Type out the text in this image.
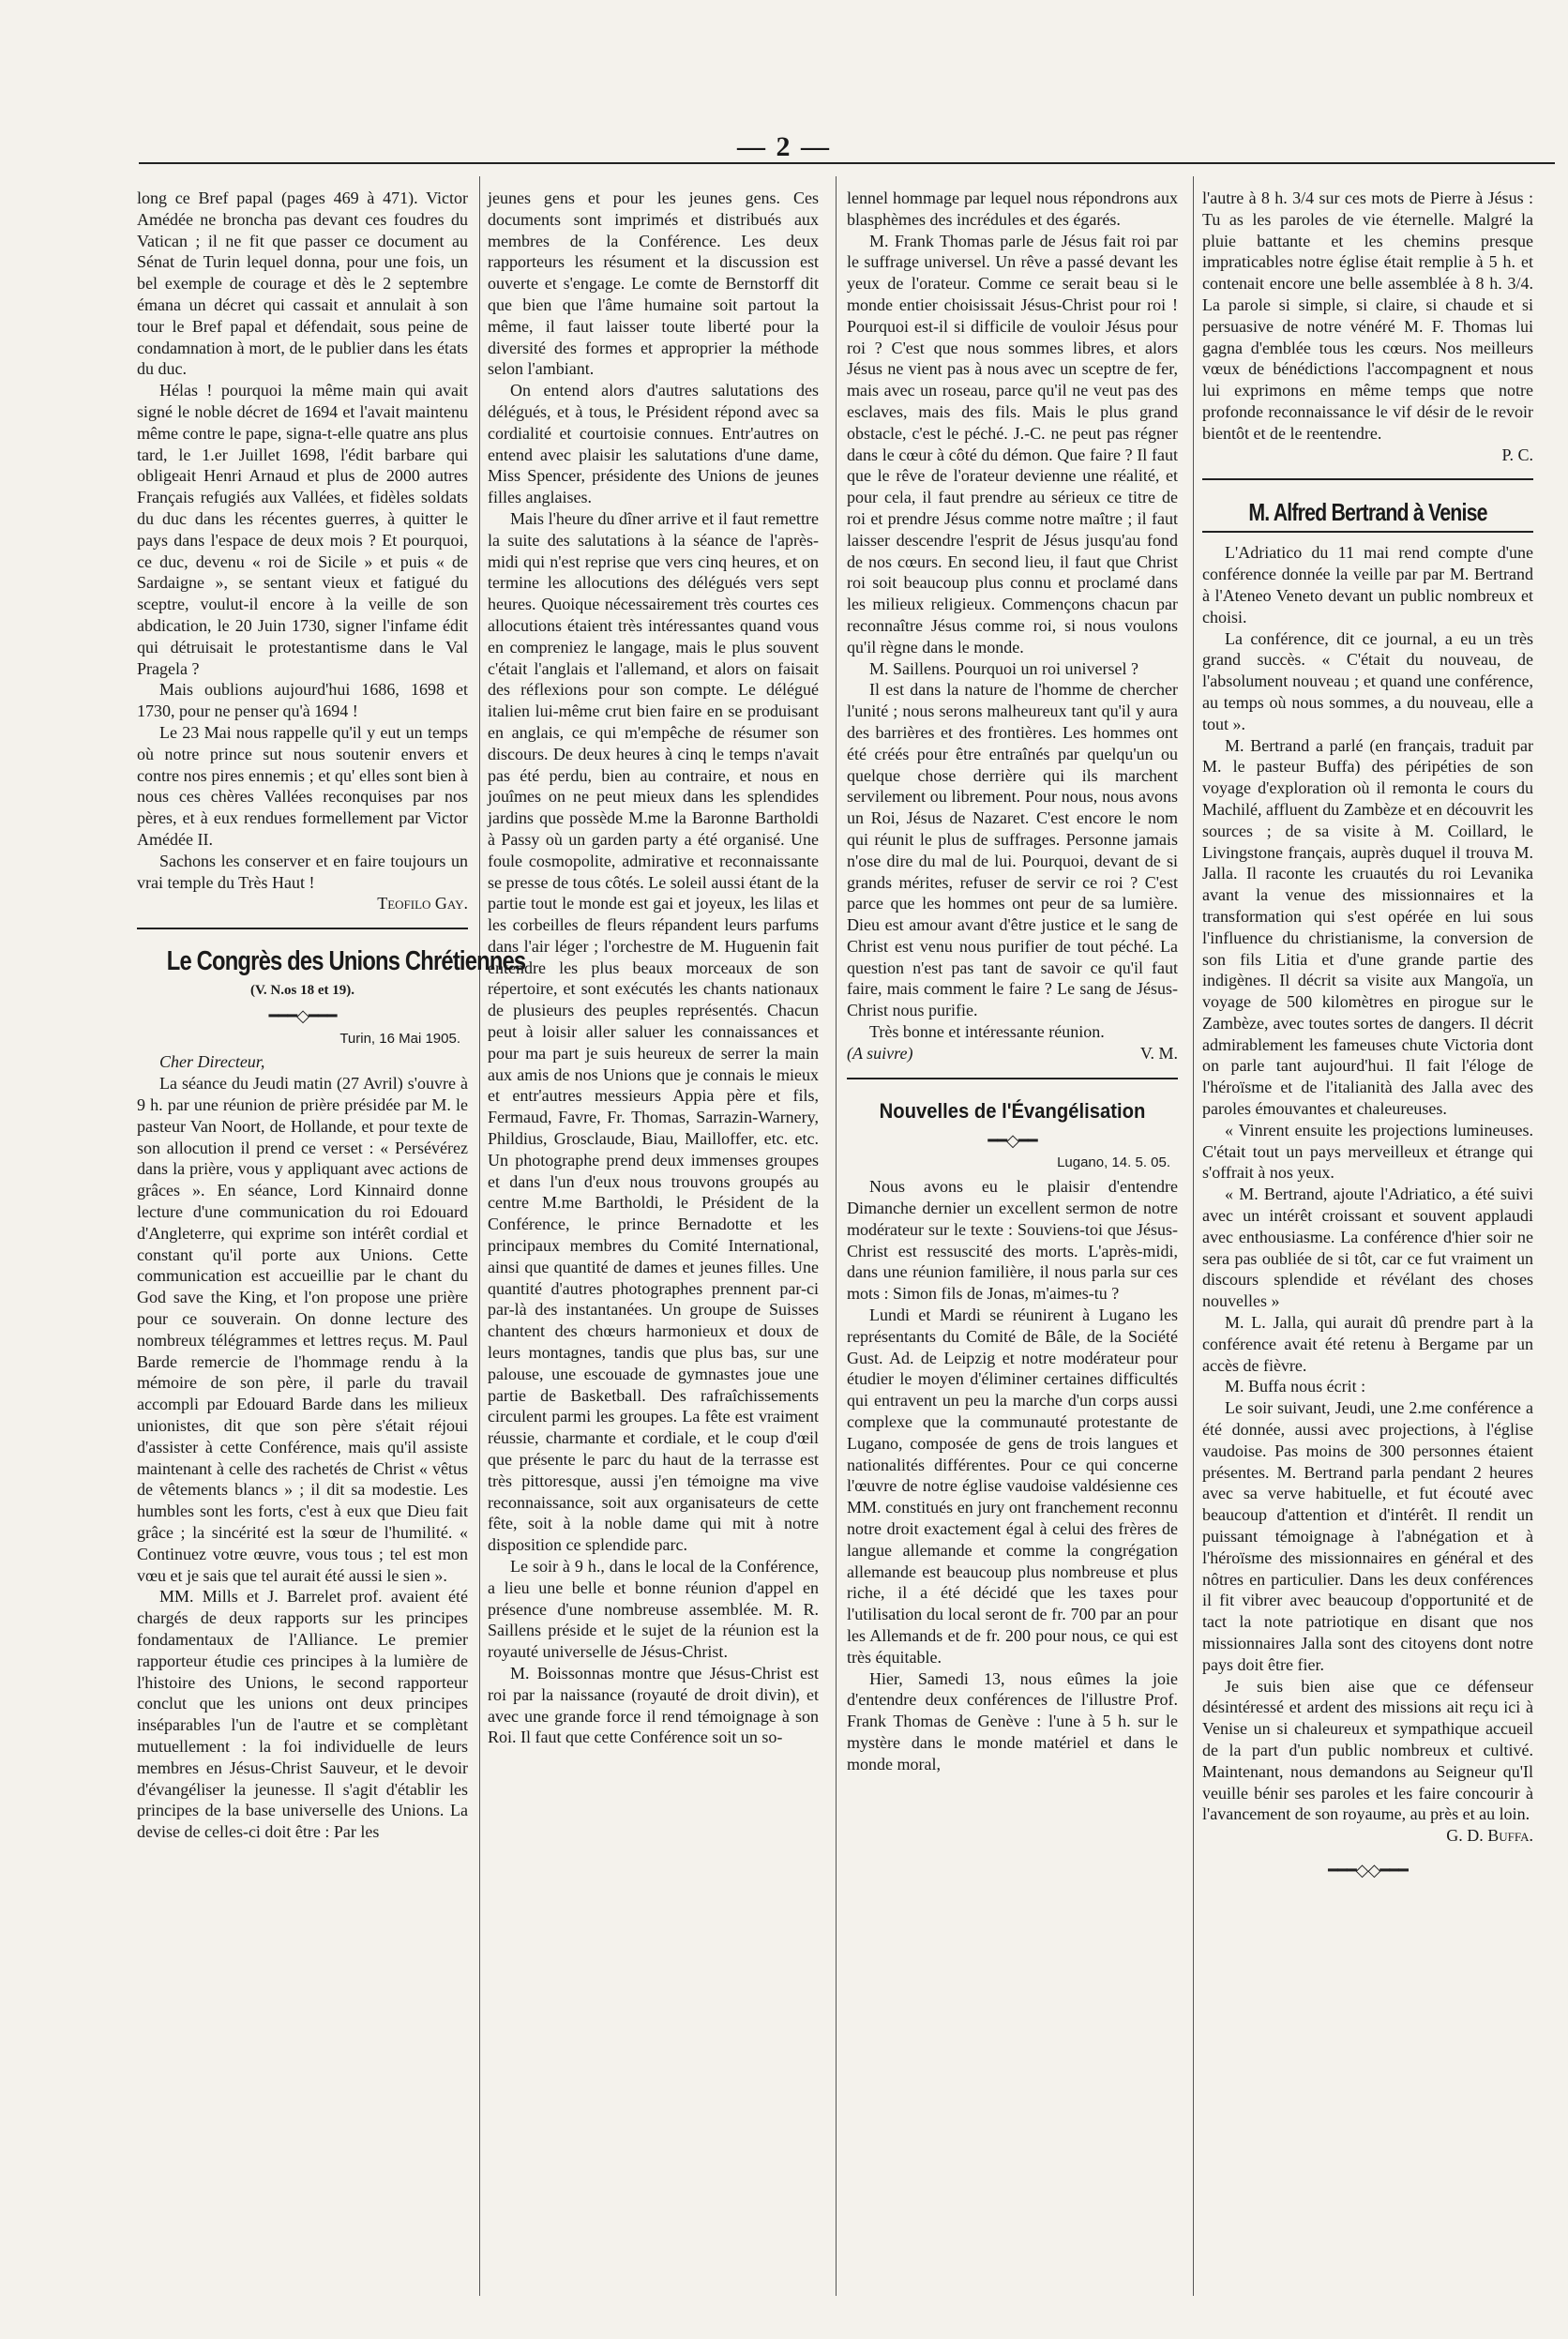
— 2 —

long ce Bref papal (pages 469 à 471). Victor Amédée ne broncha pas devant ces foudres du Vatican ; il ne fit que passer ce document au Sénat de Turin lequel donna, pour une fois, un bel exemple de courage et dès le 2 septembre émana un décret qui cassait et annulait à son tour le Bref papal et défendait, sous peine de condamnation à mort, de le publier dans les états du duc.

Hélas ! pourquoi la même main qui avait signé le noble décret de 1694 et l'avait maintenu même contre le pape, signa-t-elle quatre ans plus tard, le 1.er Juillet 1698, l'édit barbare qui obligeait Henri Arnaud et plus de 2000 autres Français refugiés aux Vallées, et fidèles soldats du duc dans les récentes guerres, à quitter le pays dans l'espace de deux mois ? Et pourquoi, ce duc, devenu « roi de Sicile » et puis « de Sardaigne », se sentant vieux et fatigué du sceptre, voulut-il encore à la veille de son abdication, le 20 Juin 1730, signer l'infame édit qui détruisait le protestantisme dans le Val Pragela ?

Mais oublions aujourd'hui 1686, 1698 et 1730, pour ne penser qu'à 1694 !

Le 23 Mai nous rappelle qu'il y eut un temps où notre prince sut nous soutenir envers et contre nos pires ennemis ; et qu' elles sont bien à nous ces chères Vallées reconquises par nos pères, et à eux rendues formellement par Victor Amédée II.

Sachons les conserver et en faire toujours un vrai temple du Très Haut !

Teofilo Gay.
Le Congrès des Unions Chrétiennes
(V. N.os 18 et 19).
━━━◇━━━
Turin, 16 Mai 1905.

Cher Directeur,

La séance du Jeudi matin (27 Avril) s'ouvre à 9 h. par une réunion de prière présidée par M. le pasteur Van Noort, de Hollande, et pour texte de son allocution il prend ce verset : « Persévérez dans la prière, vous y appliquant avec actions de grâces ». En séance, Lord Kinnaird donne lecture d'une communication du roi Edouard d'Angleterre, qui exprime son intérêt cordial et constant qu'il porte aux Unions. Cette communication est accueillie par le chant du God save the King, et l'on propose une prière pour ce souverain. On donne lecture des nombreux télégrammes et lettres reçus. M. Paul Barde remercie de l'hommage rendu à la mémoire de son père, il parle du travail accompli par Edouard Barde dans les milieux unionistes, dit que son père s'était réjoui d'assister à cette Conférence, mais qu'il assiste maintenant à celle des rachetés de Christ « vêtus de vêtements blancs » ; il dit sa modestie. Les humbles sont les forts, c'est à eux que Dieu fait grâce ; la sincérité est la sœur de l'humilité. « Continuez votre œuvre, vous tous ; tel est mon vœu et je sais que tel aurait été aussi le sien ».

MM. Mills et J. Barrelet prof. avaient été chargés de deux rapports sur les principes fondamentaux de l'Alliance. Le premier rapporteur étudie ces principes à la lumière de l'histoire des Unions, le second rapporteur conclut que les unions ont deux principes inséparables l'un de l'autre et se complètant mutuellement : la foi individuelle de leurs membres en Jésus-Christ Sauveur, et le devoir d'évangéliser la jeunesse. Il s'agit d'établir les principes de la base universelle des Unions. La devise de celles-ci doit être : Par les

jeunes gens et pour les jeunes gens. Ces documents sont imprimés et distribués aux membres de la Conférence. Les deux rapporteurs les résument et la discussion est ouverte et s'engage. Le comte de Bernstorff dit que bien que l'âme humaine soit partout la même, il faut laisser toute liberté pour la diversité des formes et approprier la méthode selon l'ambiant.

On entend alors d'autres salutations des délégués, et à tous, le Président répond avec sa cordialité et courtoisie connues. Entr'autres on entend avec plaisir les salutations d'une dame, Miss Spencer, présidente des Unions de jeunes filles anglaises.

Mais l'heure du dîner arrive et il faut remettre la suite des salutations à la séance de l'après-midi qui n'est reprise que vers cinq heures, et on termine les allocutions des délégués vers sept heures. Quoique nécessairement très courtes ces allocutions étaient très intéressantes quand vous en compreniez le langage, mais le plus souvent c'était l'anglais et l'allemand, et alors on faisait des réflexions pour son compte. Le délégué italien lui-même crut bien faire en se produisant en anglais, ce qui m'empêche de résumer son discours. De deux heures à cinq le temps n'avait pas été perdu, bien au contraire, et nous en jouîmes on ne peut mieux dans les splendides jardins que possède M.me la Baronne Bartholdi à Passy où un garden party a été organisé. Une foule cosmopolite, admirative et reconnaissante se presse de tous côtés. Le soleil aussi étant de la partie tout le monde est gai et joyeux, les lilas et les corbeilles de fleurs répandent leurs parfums dans l'air léger ; l'orchestre de M. Huguenin fait entendre les plus beaux morceaux de son répertoire, et sont exécutés les chants nationaux de plusieurs des peuples représentés. Chacun peut à loisir aller saluer les connaissances et pour ma part je suis heureux de serrer la main aux amis de nos Unions que je connais le mieux et entr'autres messieurs Appia père et fils, Fermaud, Favre, Fr. Thomas, Sarrazin-Warnery, Phildius, Grosclaude, Biau, Mailloffer, etc. etc. Un photographe prend deux immenses groupes et dans l'un d'eux nous trouvons groupés au centre M.me Bartholdi, le Président de la Conférence, le prince Bernadotte et les principaux membres du Comité International, ainsi que quantité de dames et jeunes filles. Une quantité d'autres photographes prennent par-ci par-là des instantanées. Un groupe de Suisses chantent des chœurs harmonieux et doux de leurs montagnes, tandis que plus bas, sur une palouse, une escouade de gymnastes joue une partie de Basketball. Des rafraîchissements circulent parmi les groupes. La fête est vraiment réussie, charmante et cordiale, et le coup d'œil que présente le parc du haut de la terrasse est très pittoresque, aussi j'en témoigne ma vive reconnaissance, soit aux organisateurs de cette fête, soit à la noble dame qui mit à notre disposition ce splendide parc.

Le soir à 9 h., dans le local de la Conférence, a lieu une belle et bonne réunion d'appel en présence d'une nombreuse assemblée. M. R. Saillens préside et le sujet de la réunion est la royauté universelle de Jésus-Christ.

M. Boissonnas montre que Jésus-Christ est roi par la naissance (royauté de droit divin), et avec une grande force il rend témoignage à son Roi. Il faut que cette Conférence soit un so-

lennel hommage par lequel nous répondrons aux blasphèmes des incrédules et des égarés.

M. Frank Thomas parle de Jésus fait roi par le suffrage universel. Un rêve a passé devant les yeux de l'orateur. Comme ce serait beau si le monde entier choisissait Jésus-Christ pour roi ! Pourquoi est-il si difficile de vouloir Jésus pour roi ? C'est que nous sommes libres, et alors Jésus ne vient pas à nous avec un sceptre de fer, mais avec un roseau, parce qu'il ne veut pas des esclaves, mais des fils. Mais le plus grand obstacle, c'est le péché. J.-C. ne peut pas régner dans le cœur à côté du démon. Que faire ? Il faut que le rêve de l'orateur devienne une réalité, et pour cela, il faut prendre au sérieux ce titre de roi et prendre Jésus comme notre maître ; il faut laisser descendre l'esprit de Jésus jusqu'au fond de nos cœurs. En second lieu, il faut que Christ roi soit beaucoup plus connu et proclamé dans les milieux religieux. Commençons chacun par reconnaître Jésus comme roi, si nous voulons qu'il règne dans le monde.

M. Saillens. Pourquoi un roi universel ?

Il est dans la nature de l'homme de chercher l'unité ; nous serons malheureux tant qu'il y aura des barrières et des frontières. Les hommes ont été créés pour être entraînés par quelqu'un ou quelque chose derrière qui ils marchent servilement ou librement. Pour nous, nous avons un Roi, Jésus de Nazaret. C'est encore le nom qui réunit le plus de suffrages. Personne jamais n'ose dire du mal de lui. Pourquoi, devant de si grands mérites, refuser de servir ce roi ? C'est parce que les hommes ont peur de sa lumière. Dieu est amour avant d'être justice et le sang de Christ est venu nous purifier de tout péché. La question n'est pas tant de savoir ce qu'il faut faire, mais comment le faire ? Le sang de Jésus-Christ nous purifie.

Très bonne et intéressante réunion.

(A suivre)	V. M.
Nouvelles de l'Évangélisation
━━◇━━
Lugano, 14. 5. 05.

Nous avons eu le plaisir d'entendre Dimanche dernier un excellent sermon de notre modérateur sur le texte : Souviens-toi que Jésus-Christ est ressuscité des morts. L'après-midi, dans une réunion familière, il nous parla sur ces mots : Simon fils de Jonas, m'aimes-tu ?

Lundi et Mardi se réunirent à Lugano les représentants du Comité de Bâle, de la Société Gust. Ad. de Leipzig et notre modérateur pour étudier le moyen d'éliminer certaines difficultés qui entravent un peu la marche d'un corps aussi complexe que la communauté protestante de Lugano, composée de gens de trois langues et nationalités différentes. Pour ce qui concerne l'œuvre de notre église vaudoise valdésienne ces MM. constitués en jury ont franchement reconnu notre droit exactement égal à celui des frères de langue allemande et comme la congrégation allemande est beaucoup plus nombreuse et plus riche, il a été décidé que les taxes pour l'utilisation du local seront de fr. 700 par an pour les Allemands et de fr. 200 pour nous, ce qui est très équitable.

Hier, Samedi 13, nous eûmes la joie d'entendre deux conférences de l'illustre Prof. Frank Thomas de Genève : l'une à 5 h. sur le mystère dans le monde matériel et dans le monde moral,

l'autre à 8 h. 3/4 sur ces mots de Pierre à Jésus : Tu as les paroles de vie éternelle. Malgré la pluie battante et les chemins presque impraticables notre église était remplie à 5 h. et contenait encore une belle assemblée à 8 h. 3/4. La parole si simple, si claire, si chaude et si persuasive de notre vénéré M. F. Thomas lui gagna d'emblée tous les cœurs. Nos meilleurs vœux de bénédictions l'accompagnent et nous lui exprimons en même temps que notre profonde reconnaissance le vif désir de le revoir bientôt et de le reentendre.

P. C.
M. Alfred Bertrand à Venise

L'Adriatico du 11 mai rend compte d'une conférence donnée la veille par par M. Bertrand à l'Ateneo Veneto devant un public nombreux et choisi.

La conférence, dit ce journal, a eu un très grand succès. « C'était du nouveau, de l'absolument nouveau ; et quand une conférence, au temps où nous sommes, a du nouveau, elle a tout ».

M. Bertrand a parlé (en français, traduit par M. le pasteur Buffa) des péripéties de son voyage d'exploration où il remonta le cours du Machilé, affluent du Zambèze et en découvrit les sources ; de sa visite à M. Coillard, le Livingstone français, auprès duquel il trouva M. Jalla. Il raconte les cruautés du roi Levanika avant la venue des missionnaires et la transformation qui s'est opérée en lui sous l'influence du christianisme, la conversion de son fils Litia et d'une grande partie des indigènes. Il décrit sa visite aux Mangoïa, un voyage de 500 kilomètres en pirogue sur le Zambèze, avec toutes sortes de dangers. Il décrit admirablement les fameuses chute Victoria dont on parle tant aujourd'hui. Il fait l'éloge de l'héroïsme et de l'italianità des Jalla avec des paroles émouvantes et chaleureuses.

« Vinrent ensuite les projections lumineuses. C'était tout un pays merveilleux et étrange qui s'offrait à nos yeux.

« M. Bertrand, ajoute l'Adriatico, a été suivi avec un intérêt croissant et souvent applaudi avec enthousiasme. La conférence d'hier soir ne sera pas oubliée de si tôt, car ce fut vraiment un discours splendide et révélant des choses nouvelles »

M. L. Jalla, qui aurait dû prendre part à la conférence avait été retenu à Bergame par un accès de fièvre.

M. Buffa nous écrit :

Le soir suivant, Jeudi, une 2.me conférence a été donnée, aussi avec projections, à l'église vaudoise. Pas moins de 300 personnes étaient présentes. M. Bertrand parla pendant 2 heures avec sa verve habituelle, et fut écouté avec beaucoup d'attention et d'intérêt. Il rendit un puissant témoignage à l'abnégation et à l'héroïsme des missionnaires en général et des nôtres en particulier. Dans les deux conférences il fit vibrer avec beaucoup d'opportunité et de tact la note patriotique en disant que nos missionnaires Jalla sont des citoyens dont notre pays doit être fier.

Je suis bien aise que ce défenseur désintéressé et ardent des missions ait reçu ici à Venise un si chaleureux et sympathique accueil de la part d'un public nombreux et cultivé. Maintenant, nous demandons au Seigneur qu'Il veuille bénir ses paroles et les faire concourir à l'avancement de son royaume, au près et au loin.

G. D. Buffa.
━━━◇◇━━━
